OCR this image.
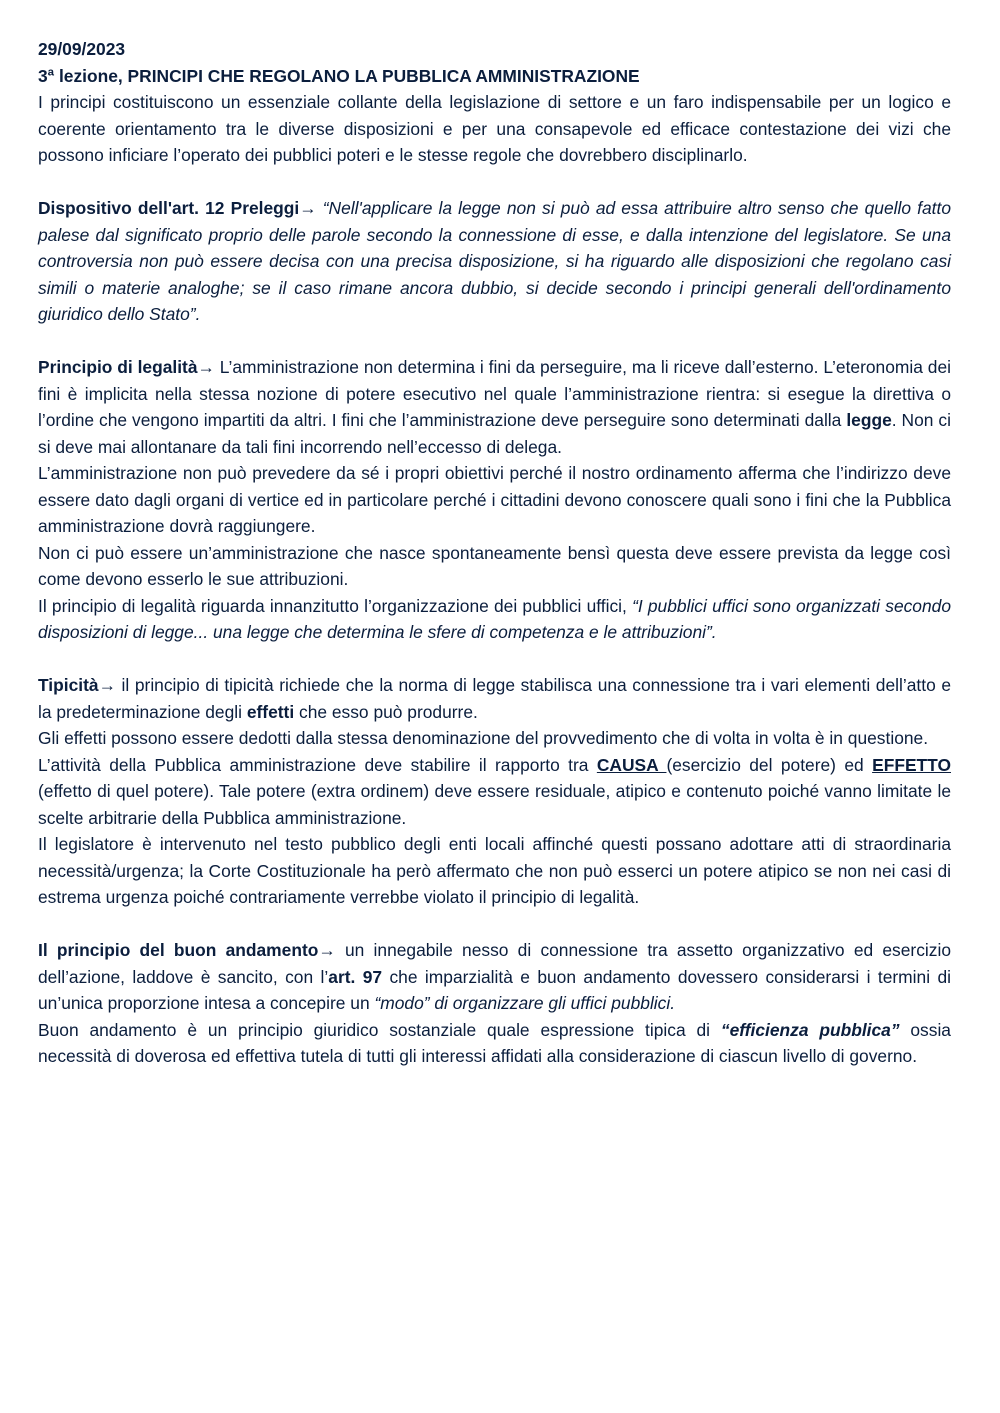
29/09/2023

3ª lezione, PRINCIPI CHE REGOLANO LA PUBBLICA AMMINISTRAZIONE

I principi costituiscono un essenziale collante della legislazione di settore e un faro indispensabile per un logico e coerente orientamento tra le diverse disposizioni e per una consapevole ed efficace contestazione dei vizi che possono inficiare l’operato dei pubblici poteri e le stesse regole che dovrebbero disciplinarlo.

Dispositivo dell'art. 12 Preleggi→ “Nell'applicare la legge non si può ad essa attribuire altro senso che quello fatto palese dal significato proprio delle parole secondo la connessione di esse, e dalla intenzione del legislatore. Se una controversia non può essere decisa con una precisa disposizione, si ha riguardo alle disposizioni che regolano casi simili o materie analoghe; se il caso rimane ancora dubbio, si decide secondo i principi generali dell'ordinamento giuridico dello Stato”.

Principio di legalità→ L’amministrazione non determina i fini da perseguire, ma li riceve dall’esterno. L’eteronomia dei fini è implicita nella stessa nozione di potere esecutivo nel quale l’amministrazione rientra: si esegue la direttiva o l’ordine che vengono impartiti da altri. I fini che l’amministrazione deve perseguire sono determinati dalla legge. Non ci si deve mai allontanare da tali fini incorrendo nell’eccesso di delega.

L’amministrazione non può prevedere da sé i propri obiettivi perché il nostro ordinamento afferma che l’indirizzo deve essere dato dagli organi di vertice ed in particolare perché i cittadini devono conoscere quali sono i fini che la Pubblica amministrazione dovrà raggiungere.

Non ci può essere un’amministrazione che nasce spontaneamente bensì questa deve essere prevista da legge così come devono esserlo le sue attribuzioni.

Il principio di legalità riguarda innanzitutto l’organizzazione dei pubblici uffici, “I pubblici uffici sono organizzati secondo disposizioni di legge... una legge che determina le sfere di competenza e le attribuzioni”.

Tipicità→ il principio di tipicità richiede che la norma di legge stabilisca una connessione tra i vari elementi dell’atto e la predeterminazione degli effetti che esso può produrre.

Gli effetti possono essere dedotti dalla stessa denominazione del provvedimento che di volta in volta è in questione.

L’attività della Pubblica amministrazione deve stabilire il rapporto tra CAUSA (esercizio del potere) ed EFFETTO (effetto di quel potere). Tale potere (extra ordinem) deve essere residuale, atipico e contenuto poiché vanno limitate le scelte arbitrarie della Pubblica amministrazione.

Il legislatore è intervenuto nel testo pubblico degli enti locali affinché questi possano adottare atti di straordinaria necessità/urgenza; la Corte Costituzionale ha però affermato che non può esserci un potere atipico se non nei casi di estrema urgenza poiché contrariamente verrebbe violato il principio di legalità.

Il principio del buon andamento→ un innegabile nesso di connessione tra assetto organizzativo ed esercizio dell’azione, laddove è sancito, con l’art. 97 che imparzialità e buon andamento dovessero considerarsi i termini di un’unica proporzione intesa a concepire un “modo” di organizzare gli uffici pubblici.

Buon andamento è un principio giuridico sostanziale quale espressione tipica di “efficienza pubblica” ossia necessità di doverosa ed effettiva tutela di tutti gli interessi affidati alla considerazione di ciascun livello di governo.
